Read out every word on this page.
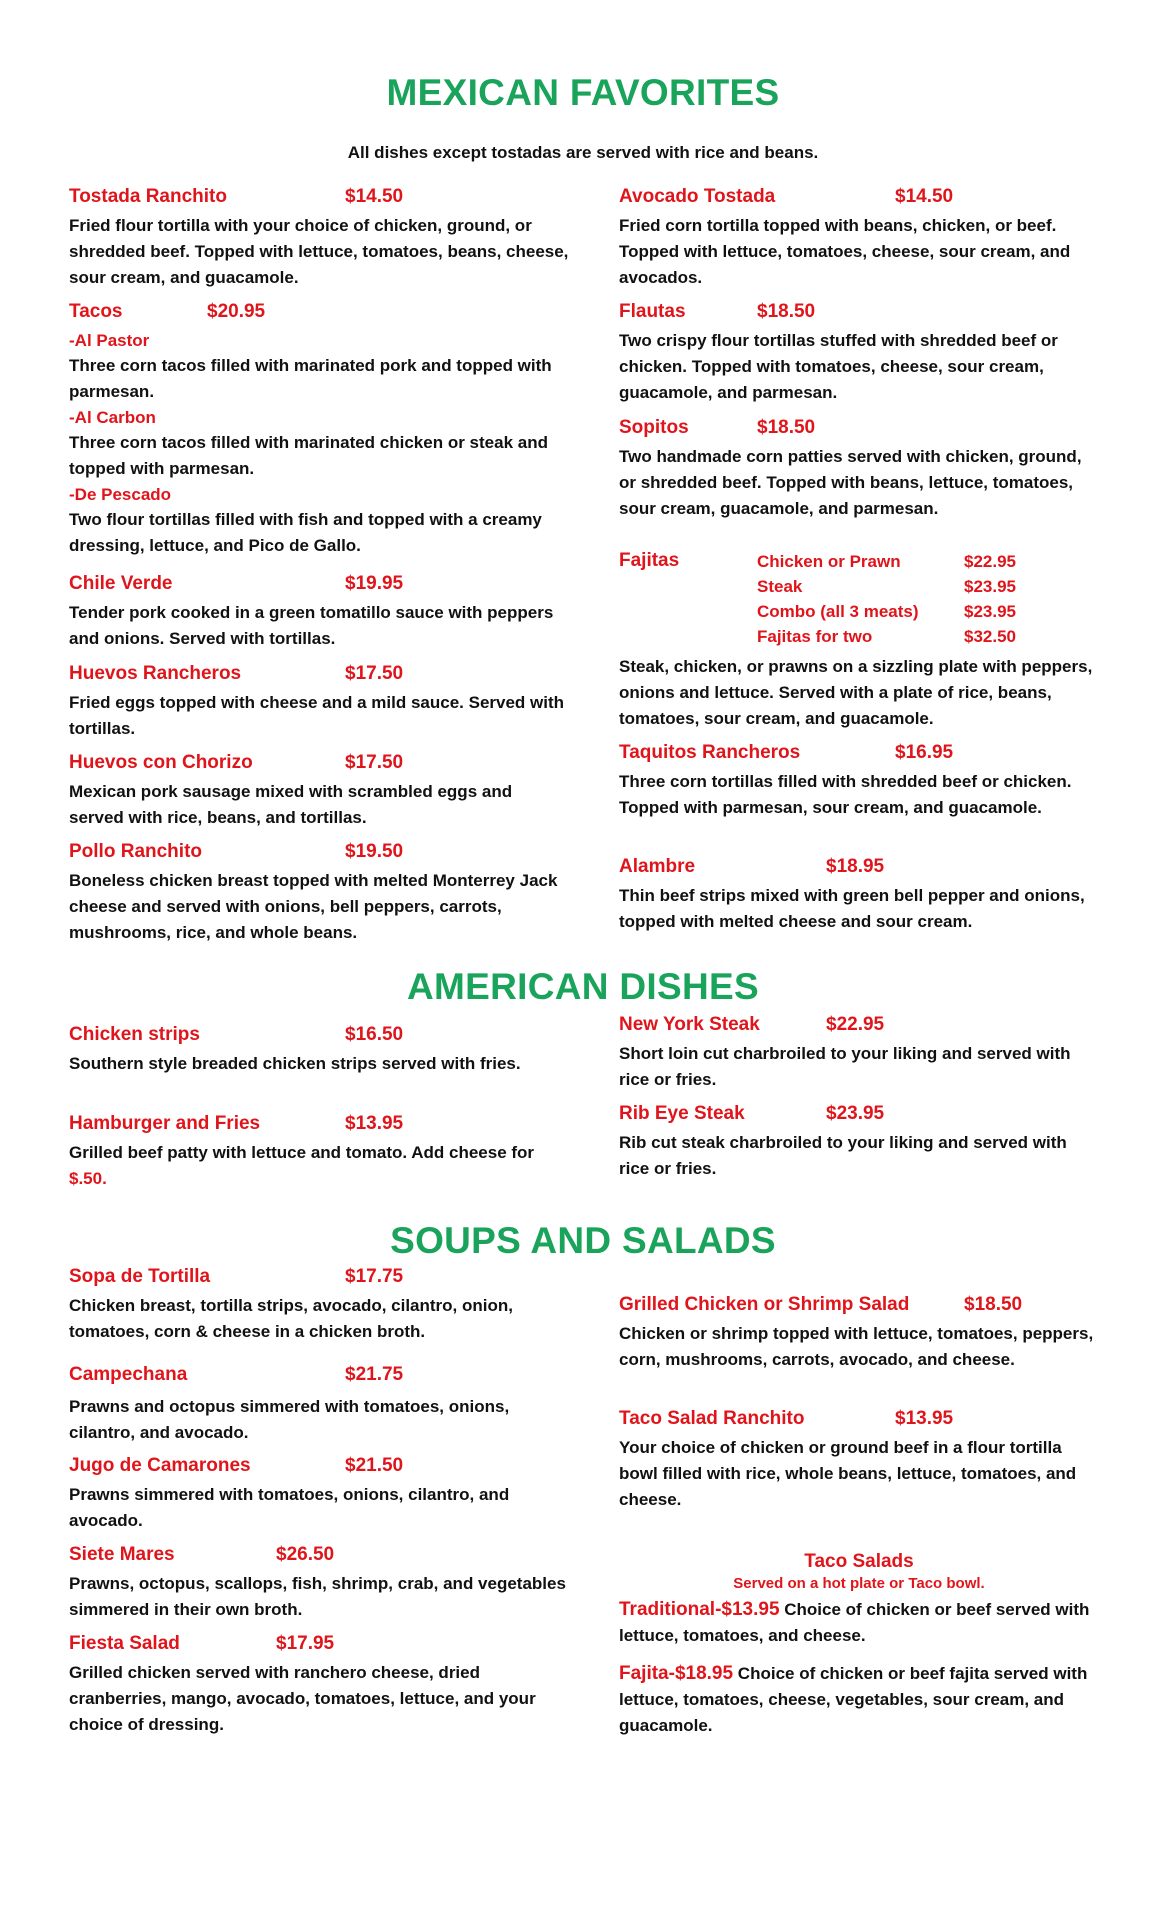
MEXICAN FAVORITES
All dishes except tostadas are served with rice and beans.
Tostada Ranchito	$14.50
Fried flour tortilla with your choice of chicken, ground, or shredded beef. Topped with lettuce, tomatoes, beans, cheese, sour cream, and guacamole.
Tacos	$20.95
-Al Pastor
Three corn tacos filled with marinated pork and topped with parmesan.
-Al Carbon
Three corn tacos filled with marinated chicken or steak and topped with parmesan.
-De Pescado
Two flour tortillas filled with fish and topped with a creamy dressing, lettuce, and Pico de Gallo.
Chile Verde	$19.95
Tender pork cooked in a green tomatillo sauce with peppers and onions. Served with tortillas.
Huevos Rancheros	$17.50
Fried eggs topped with cheese and a mild sauce. Served with tortillas.
Huevos con Chorizo	$17.50
Mexican pork sausage mixed with scrambled eggs and served with rice, beans, and tortillas.
Pollo Ranchito	$19.50
Boneless chicken breast topped with melted Monterrey Jack cheese and served with onions, bell peppers, carrots, mushrooms, rice, and whole beans.
Avocado Tostada	$14.50
Fried corn tortilla topped with beans, chicken, or beef. Topped with lettuce, tomatoes, cheese, sour cream, and avocados.
Flautas	$18.50
Two crispy flour tortillas stuffed with shredded beef or chicken. Topped with tomatoes, cheese, sour cream, guacamole, and parmesan.
Sopitos	$18.50
Two handmade corn patties served with chicken, ground, or shredded beef. Topped with beans, lettuce, tomatoes, sour cream, guacamole, and parmesan.
Fajitas	Chicken or Prawn	$22.95
Steak	$23.95
Combo (all 3 meats)	$23.95
Fajitas for two	$32.50
Steak, chicken, or prawns on a sizzling plate with peppers, onions and lettuce. Served with a plate of rice, beans, tomatoes, sour cream, and guacamole.
Taquitos Rancheros	$16.95
Three corn tortillas filled with shredded beef or chicken. Topped with parmesan, sour cream, and guacamole.
Alambre	$18.95
Thin beef strips mixed with green bell pepper and onions, topped with melted cheese and sour cream.
AMERICAN DISHES
Chicken strips	$16.50
Southern style breaded chicken strips served with fries.
Hamburger and Fries	$13.95
Grilled beef patty with lettuce and tomato. Add cheese for $.50.
New York Steak	$22.95
Short loin cut charbroiled to your liking and served with rice or fries.
Rib Eye Steak	$23.95
Rib cut steak charbroiled to your liking and served with rice or fries.
SOUPS AND SALADS
Sopa de Tortilla	$17.75
Chicken breast, tortilla strips, avocado, cilantro, onion, tomatoes, corn & cheese in a chicken broth.
Campechana	$21.75
Prawns and octopus simmered with tomatoes, onions, cilantro, and avocado.
Jugo de Camarones	$21.50
Prawns simmered with tomatoes, onions, cilantro, and avocado.
Siete Mares	$26.50
Prawns, octopus, scallops, fish, shrimp, crab, and vegetables simmered in their own broth.
Fiesta Salad	$17.95
Grilled chicken served with ranchero cheese, dried cranberries, mango, avocado, tomatoes, lettuce, and your choice of dressing.
Grilled Chicken or Shrimp Salad	$18.50
Chicken or shrimp topped with lettuce, tomatoes, peppers, corn, mushrooms, carrots, avocado, and cheese.
Taco Salad Ranchito	$13.95
Your choice of chicken or ground beef in a flour tortilla bowl filled with rice, whole beans, lettuce, tomatoes, and cheese.
Taco Salads
Served on a hot plate or Taco bowl.
Traditional-$13.95 Choice of chicken or beef served with lettuce, tomatoes, and cheese.
Fajita-$18.95 Choice of chicken or beef fajita served with lettuce, tomatoes, cheese, vegetables, sour cream, and guacamole.
